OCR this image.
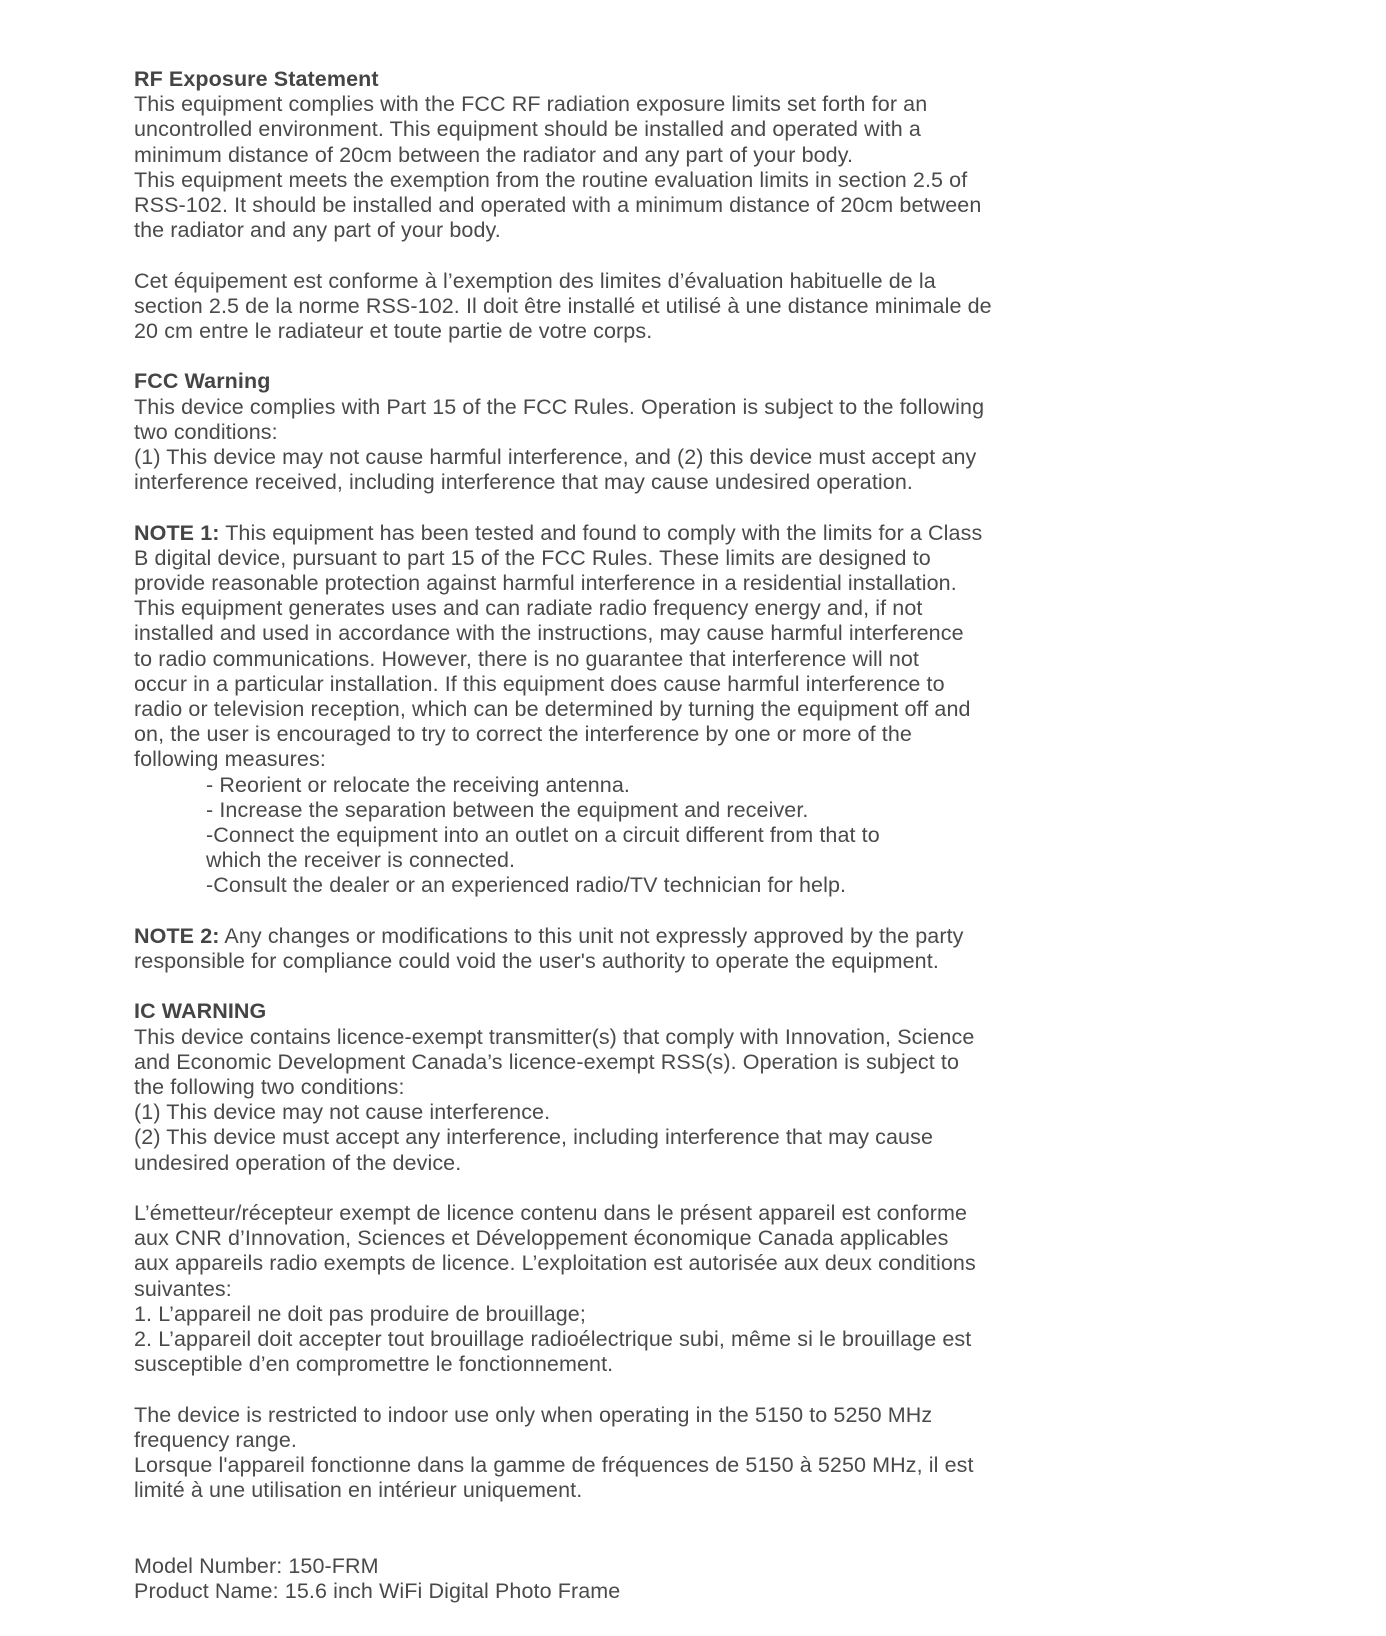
RF Exposure Statement
This equipment complies with the FCC RF radiation exposure limits set forth for an
uncontrolled environment. This equipment should be installed and operated with a
minimum distance of 20cm between the radiator and any part of your body.
This equipment meets the exemption from the routine evaluation limits in section 2.5 of
RSS-102. It should be installed and operated with a minimum distance of 20cm between
the radiator and any part of your body.
Cet équipement est conforme à l’exemption des limites d’évaluation habituelle de la
section 2.5 de la norme RSS-102. Il doit être installé et utilisé à une distance minimale de
20 cm entre le radiateur et toute partie de votre corps.
FCC Warning
This device complies with Part 15 of the FCC Rules. Operation is subject to the following
two conditions:
(1) This device may not cause harmful interference, and (2) this device must accept any
interference received, including interference that may cause undesired operation.
NOTE 1: This equipment has been tested and found to comply with the limits for a Class
B digital device, pursuant to part 15 of the FCC Rules. These limits are designed to
provide reasonable protection against harmful interference in a residential installation.
This equipment generates uses and can radiate radio frequency energy and, if not
installed and used in accordance with the instructions, may cause harmful interference
to radio communications. However, there is no guarantee that interference will not
occur in a particular installation. If this equipment does cause harmful interference to
radio or television reception, which can be determined by turning the equipment off and
on, the user is encouraged to try to correct the interference by one or more of the
following measures:
- Reorient or relocate the receiving antenna.
- Increase the separation between the equipment and receiver.
-Connect the equipment into an outlet on a circuit different from that to
which the receiver is connected.
-Consult the dealer or an experienced radio/TV technician for help.
NOTE 2: Any changes or modifications to this unit not expressly approved by the party
responsible for compliance could void the user's authority to operate the equipment.
IC WARNING
This device contains licence-exempt transmitter(s) that comply with Innovation, Science
and Economic Development Canada’s licence-exempt RSS(s). Operation is subject to
the following two conditions:
(1) This device may not cause interference.
(2) This device must accept any interference, including interference that may cause
undesired operation of the device.
L’émetteur/récepteur exempt de licence contenu dans le présent appareil est conforme
aux CNR d’Innovation, Sciences et Développement économique Canada applicables
aux appareils radio exempts de licence. L’exploitation est autorisée aux deux conditions
suivantes:
1. L’appareil ne doit pas produire de brouillage;
2. L’appareil doit accepter tout brouillage radioélectrique subi, même si le brouillage est
susceptible d’en compromettre le fonctionnement.
The device is restricted to indoor use only when operating in the 5150 to 5250 MHz
frequency range.
Lorsque l'appareil fonctionne dans la gamme de fréquences de 5150 à 5250 MHz, il est
limité à une utilisation en intérieur uniquement.
Model Number: 150-FRM
Product Name: 15.6 inch WiFi Digital Photo Frame
